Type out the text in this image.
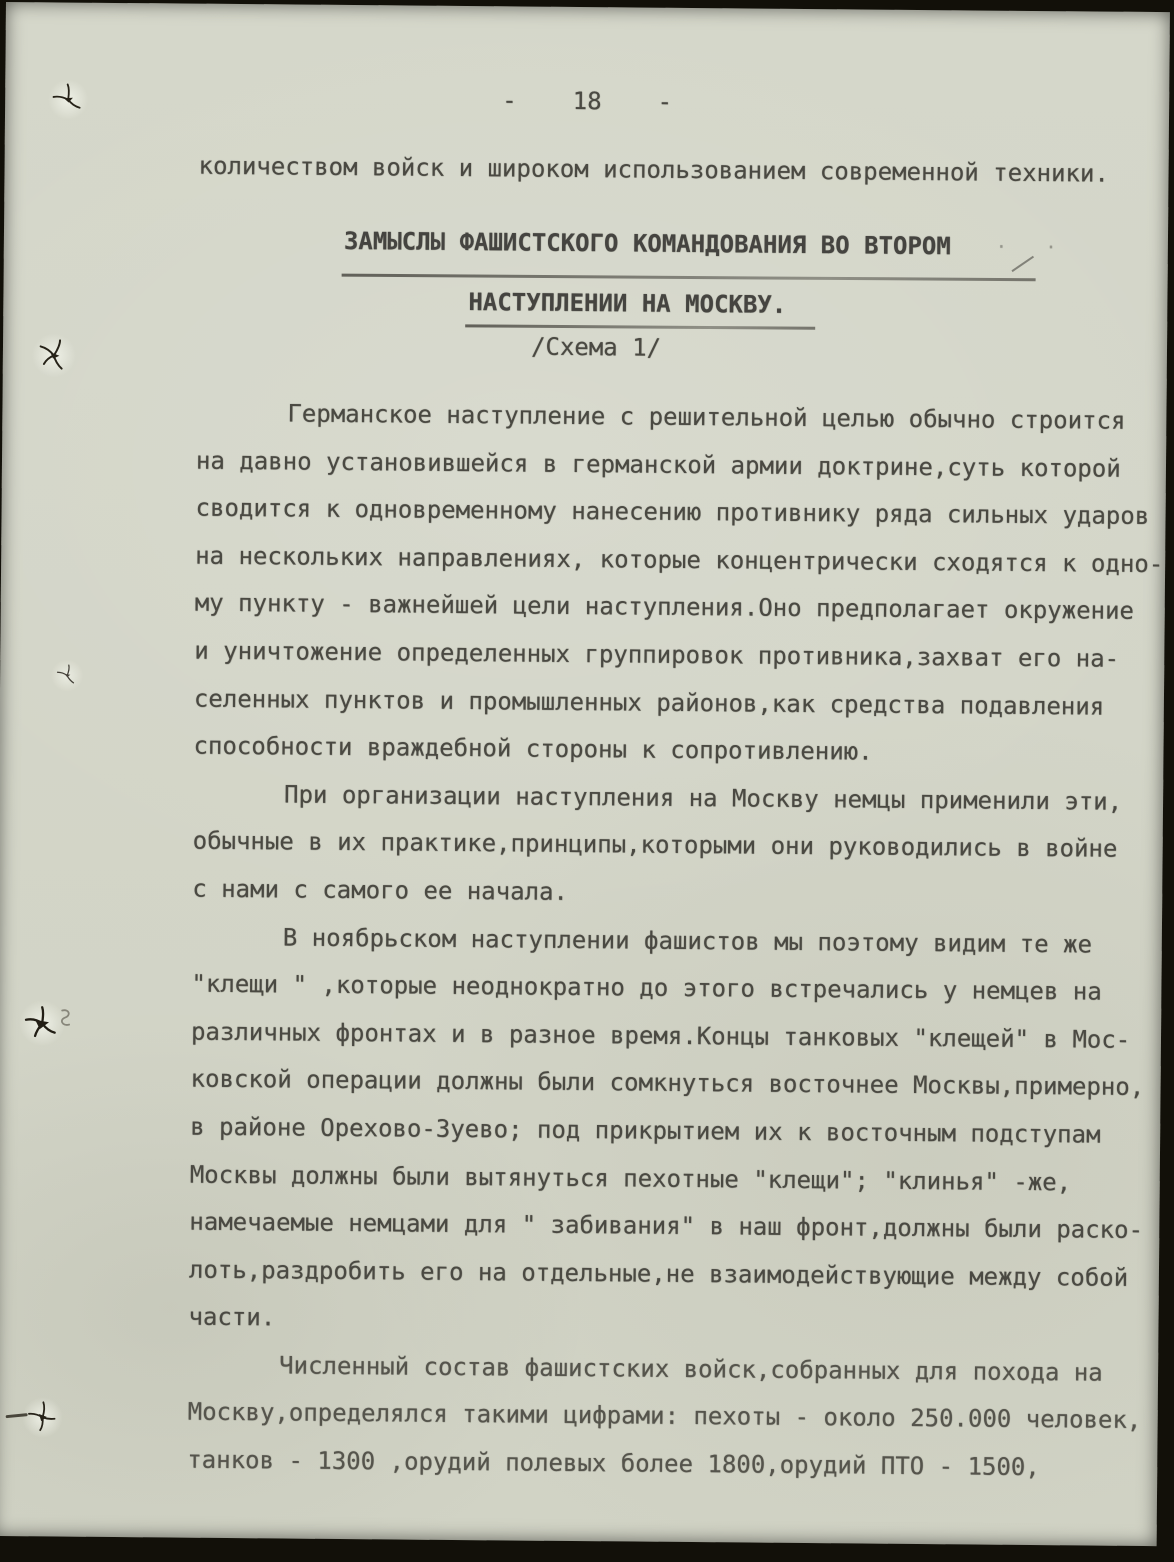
- 18 -
количеством войск и широком использованием современной техники.
ЗАМЫСЛЫ ФАШИСТСКОГО КОМАНДОВАНИЯ ВО ВТОРОМ · ·
НАСТУПЛЕНИИ НА МОСКВУ.
/Схема 1/
Германское наступление с решительной целью обычно строится
на давно установившейся в германской армии доктрине,суть которой
сводится к одновременному нанесению противнику ряда сильных ударов
на нескольких направлениях, которые концентрически сходятся к одно-
му пункту - важнейшей цели наступления.Оно предполагает окружение
и уничтожение определенных группировок противника,захват его на-
селенных пунктов и промышленных районов,как средства подавления
способности враждебной стороны к сопротивлению.
При организации наступления на Москву немцы применили эти,
обычные в их практике,принципы,которыми они руководились в войне
с нами с самого ее начала.
В ноябрьском наступлении фашистов мы поэтому видим те же
"клещи " ,которые неоднократно до этого встречались у немцев на
различных фронтах и в разное время.Концы танковых "клещей" в Мос-
ковской операции должны были сомкнуться восточнее Москвы,примерно,
в районе Орехово-Зуево; под прикрытием их к восточным подступам
Москвы должны были вытянуться пехотные "клещи"; "клинья" -же,
намечаемые немцами для " забивания" в наш фронт,должны были раско-
лоть,раздробить его на отдельные,не взаимодействующие между собой
части.
Численный состав фашистских войск,собранных для похода на
Москву,определялся такими цифрами: пехоты - около 250.000 человек,
танков - 1300 ,орудий полевых более 1800,орудий ПТО - 1500,
